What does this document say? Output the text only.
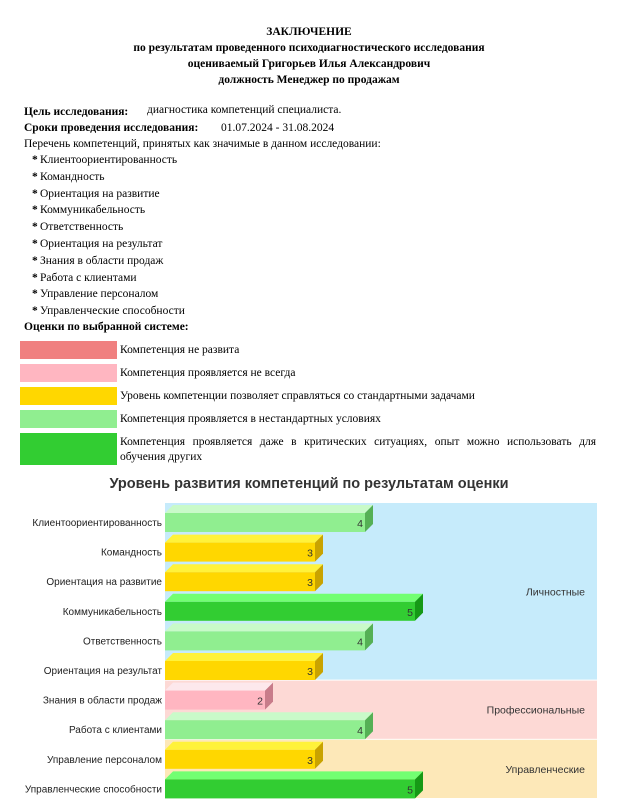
ЗАКЛЮЧЕНИЕ
по результатам проведенного психодиагностического исследования
оцениваемый Григорьев Илья Александрович
должность Менеджер по продажам
Цель исследования: диагностика компетенций специалиста.
Сроки проведения исследования: 01.07.2024 - 31.08.2024
Перечень компетенций, принятых как значимые в данном исследовании:
* Клиентоориентированность
* Командность
* Ориентация на развитие
* Коммуникабельность
* Ответственность
* Ориентация на результат
* Знания в области продаж
* Работа с клиентами
* Управление персоналом
* Управленческие способности
Оценки по выбранной системе:
Компетенция не развита
Компетенция проявляется не всегда
Уровень компетенции позволяет справляться со стандартными задачами
Компетенция проявляется в нестандартных условиях
Компетенция проявляется даже в критических ситуациях, опыт можно использовать для обучения других
Уровень развития компетенций по результатам оценки
Личностные
Профессиональные
Управленческие
4
Клиентоориентированность
3
Командность
3
Ориентация на развитие
5
Коммуникабельность
4
Ответственность
3
Ориентация на результат
2
Знания в области продаж
4
Работа с клиентами
3
Управление персоналом
5
Управленческие способности
